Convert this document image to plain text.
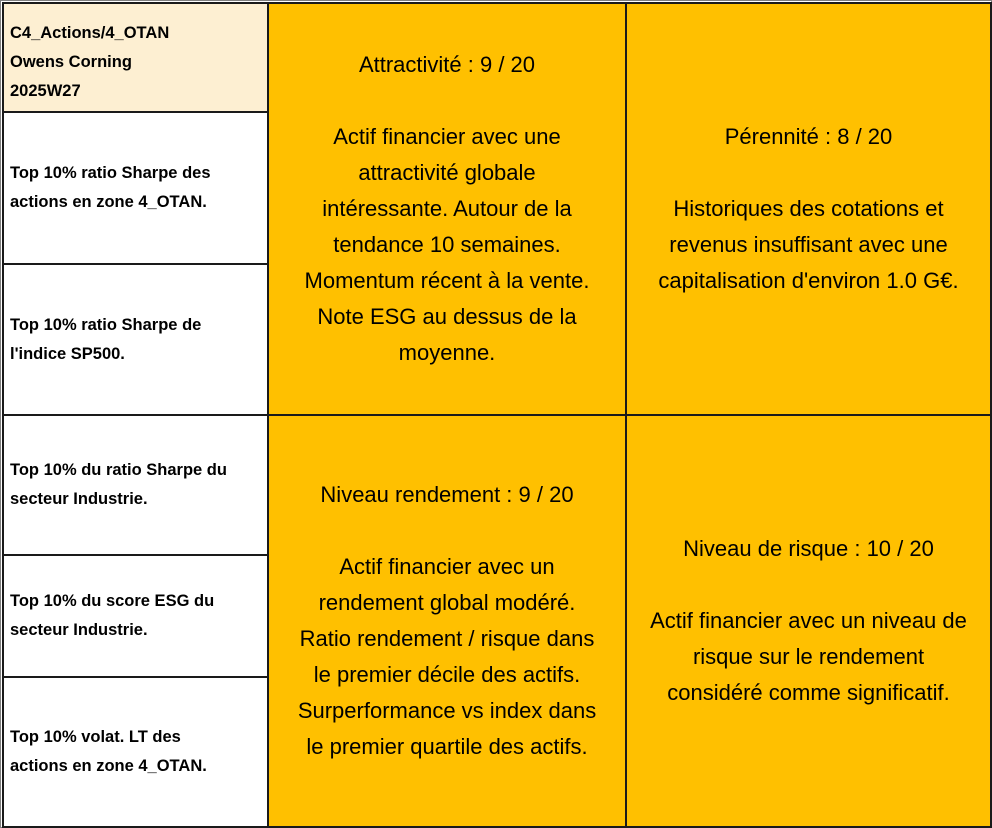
C4_Actions/4_OTAN
Owens Corning
2025W27
Top 10% ratio Sharpe des
actions en zone 4_OTAN.
Top 10% ratio Sharpe de
l'indice SP500.
Top 10% du ratio Sharpe du
secteur Industrie.
Top 10% du score ESG du
secteur Industrie.
Top 10% volat. LT des
actions en zone 4_OTAN.
Attractivité : 9 / 20
Actif financier avec une
attractivité globale
intéressante. Autour de la
tendance 10 semaines.
Momentum récent à la vente.
Note ESG au dessus de la
moyenne.
Pérennité : 8 / 20
Historiques des cotations et
revenus insuffisant avec une
capitalisation d'environ 1.0 G€.
Niveau rendement : 9 / 20
Actif financier avec un
rendement global modéré.
Ratio rendement / risque dans
le premier décile des actifs.
Surperformance vs index dans
le premier quartile des actifs.
Niveau de risque : 10 / 20
Actif financier avec un niveau de
risque sur le rendement
considéré comme significatif.
